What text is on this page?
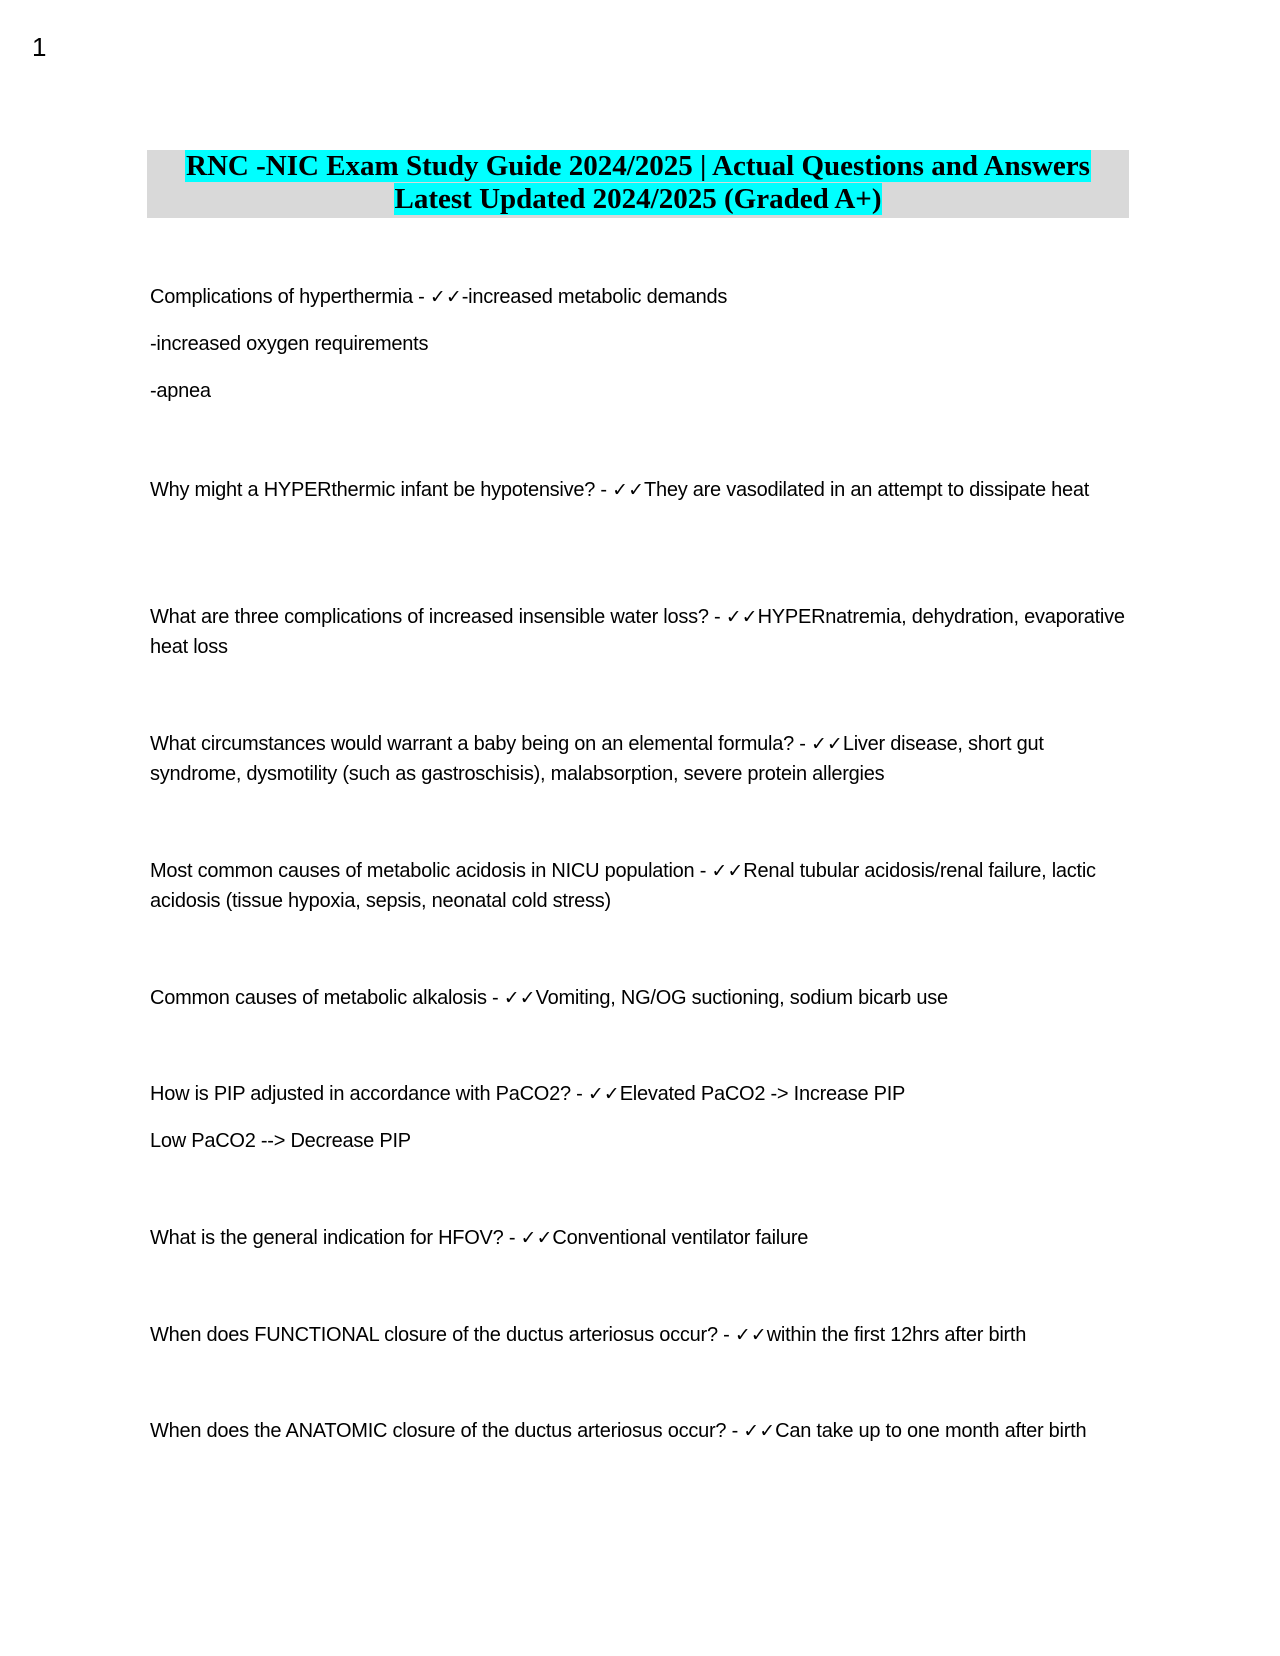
1
RNC -NIC Exam Study Guide 2024/2025 | Actual Questions and Answers
Latest Updated 2024/2025 (Graded A+)
Complications of hyperthermia - ✓✓-increased metabolic demands
-increased oxygen requirements
-apnea
Why might a HYPERthermic infant be hypotensive? - ✓✓They are vasodilated in an attempt to dissipate heat
What are three complications of increased insensible water loss? - ✓✓HYPERnatremia, dehydration, evaporative heat loss
What circumstances would warrant a baby being on an elemental formula? - ✓✓Liver disease, short gut syndrome, dysmotility (such as gastroschisis), malabsorption, severe protein allergies
Most common causes of metabolic acidosis in NICU population - ✓✓Renal tubular acidosis/renal failure, lactic acidosis (tissue hypoxia, sepsis, neonatal cold stress)
Common causes of metabolic alkalosis - ✓✓Vomiting, NG/OG suctioning, sodium bicarb use
How is PIP adjusted in accordance with PaCO2? - ✓✓Elevated PaCO2 -> Increase PIP
Low PaCO2 --> Decrease PIP
What is the general indication for HFOV? - ✓✓Conventional ventilator failure
When does FUNCTIONAL closure of the ductus arteriosus occur? - ✓✓within the first 12hrs after birth
When does the ANATOMIC closure of the ductus arteriosus occur? - ✓✓Can take up to one month after birth
